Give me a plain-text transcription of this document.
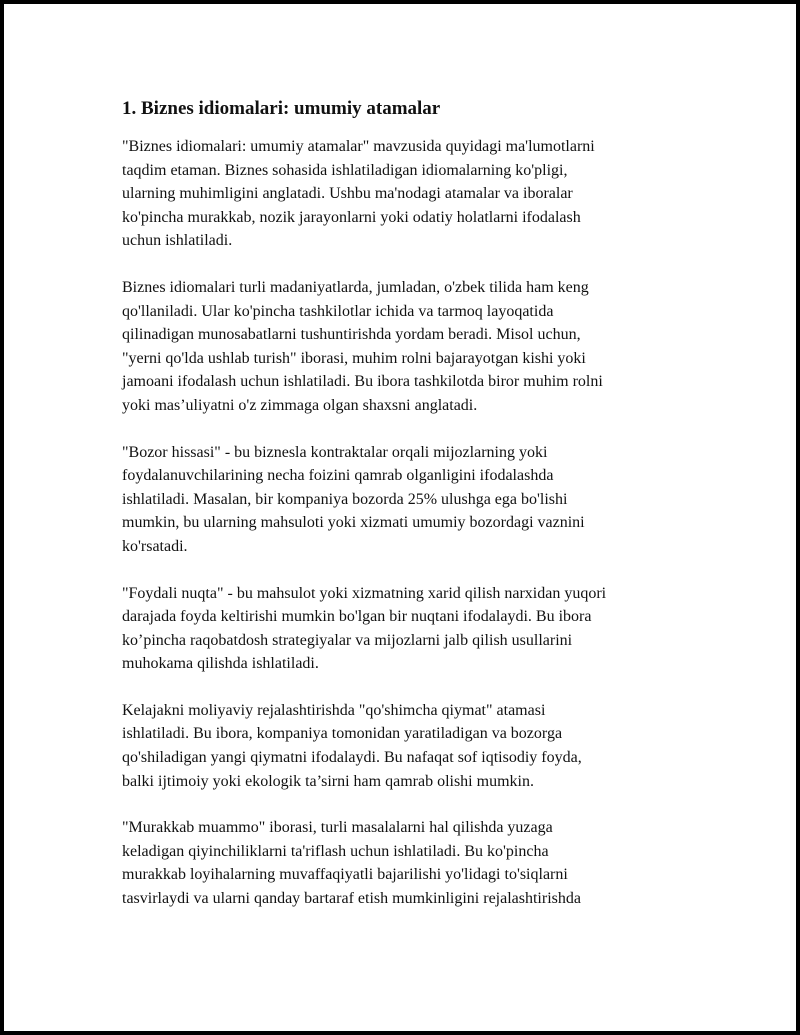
1. Biznes idiomalari: umumiy atamalar

"Biznes idiomalari: umumiy atamalar" mavzusida quyidagi ma'lumotlarni
taqdim etaman. Biznes sohasida ishlatiladigan idiomalarning ko'pligi,
ularning muhimligini anglatadi. Ushbu ma'nodagi atamalar va iboralar
ko'pincha murakkab, nozik jarayonlarni yoki odatiy holatlarni ifodalash
uchun ishlatiladi.

Biznes idiomalari turli madaniyatlarda, jumladan, o'zbek tilida ham keng
qo'llaniladi. Ular ko'pincha tashkilotlar ichida va tarmoq layoqatida
qilinadigan munosabatlarni tushuntirishda yordam beradi. Misol uchun,
"yerni qo'lda ushlab turish" iborasi, muhim rolni bajarayotgan kishi yoki
jamoani ifodalash uchun ishlatiladi. Bu ibora tashkilotda biror muhim rolni
yoki mas’uliyatni o'z zimmaga olgan shaxsni anglatadi.

"Bozor hissasi" - bu biznesla kontraktalar orqali mijozlarning yoki
foydalanuvchilarining necha foizini qamrab olganligini ifodalashda
ishlatiladi. Masalan, bir kompaniya bozorda 25% ulushga ega bo'lishi
mumkin, bu ularning mahsuloti yoki xizmati umumiy bozordagi vaznini
ko'rsatadi.

"Foydali nuqta" - bu mahsulot yoki xizmatning xarid qilish narxidan yuqori
darajada foyda keltirishi mumkin bo'lgan bir nuqtani ifodalaydi. Bu ibora
ko’pincha raqobatdosh strategiyalar va mijozlarni jalb qilish usullarini
muhokama qilishda ishlatiladi.

Kelajakni moliyaviy rejalashtirishda "qo'shimcha qiymat" atamasi
ishlatiladi. Bu ibora, kompaniya tomonidan yaratiladigan va bozorga
qo'shiladigan yangi qiymatni ifodalaydi. Bu nafaqat sof iqtisodiy foyda,
balki ijtimoiy yoki ekologik ta’sirni ham qamrab olishi mumkin.

"Murakkab muammo" iborasi, turli masalalarni hal qilishda yuzaga
keladigan qiyinchiliklarni ta'riflash uchun ishlatiladi. Bu ko'pincha
murakkab loyihalarning muvaffaqiyatli bajarilishi yo'lidagi to'siqlarni
tasvirlaydi va ularni qanday bartaraf etish mumkinligini rejalashtirishda
